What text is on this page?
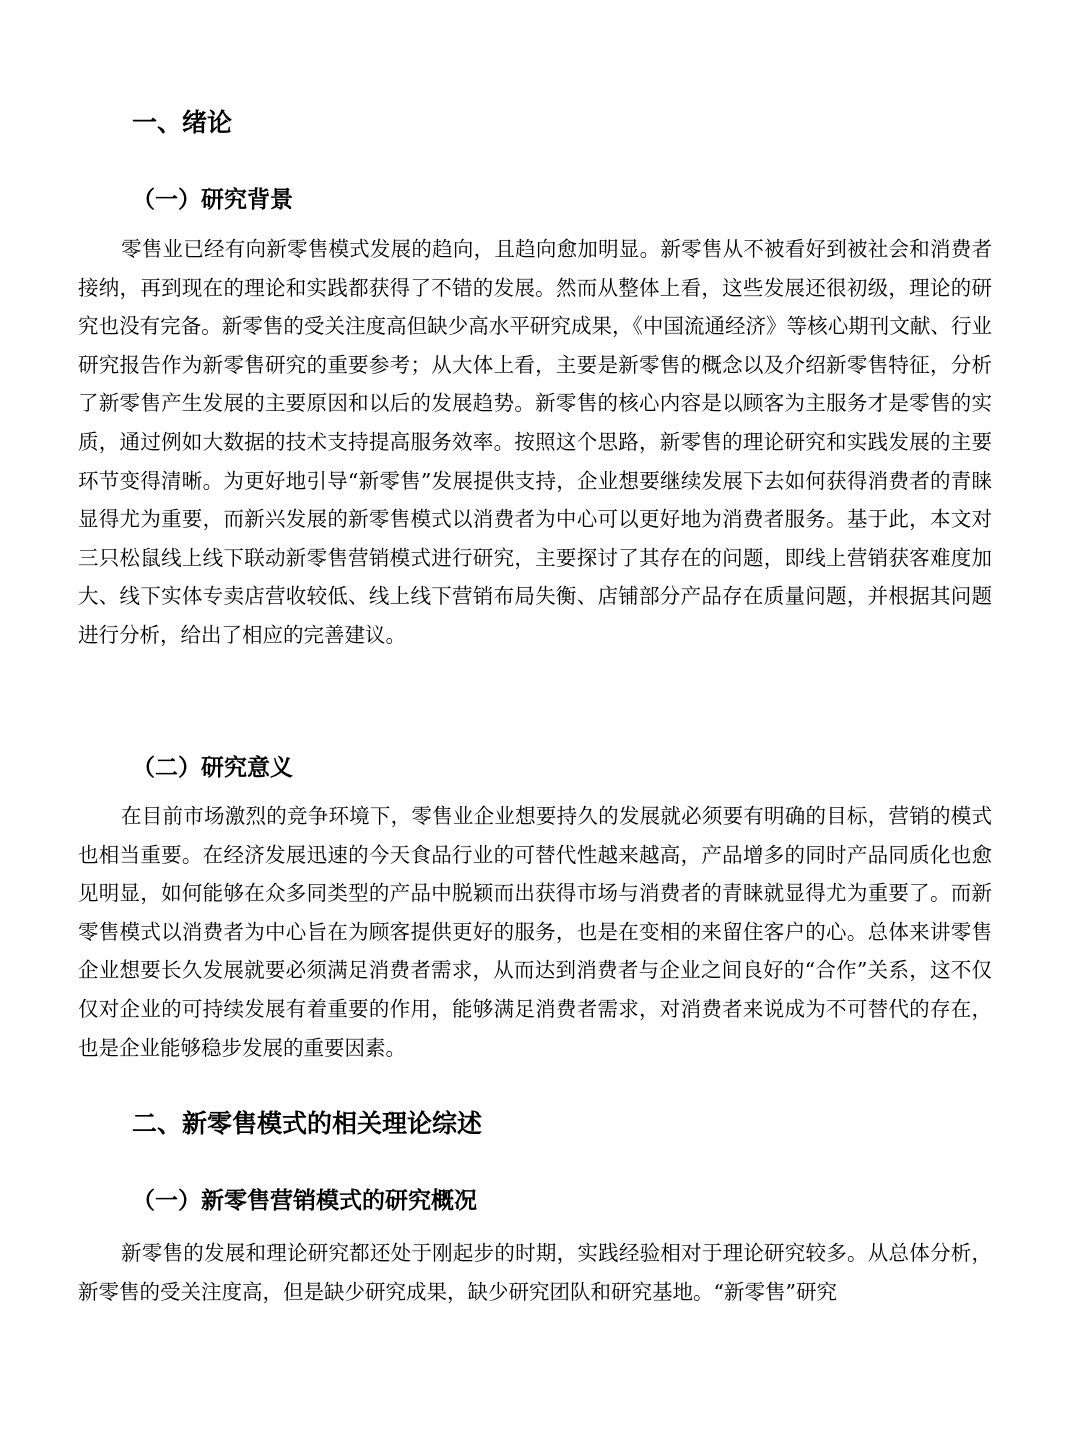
一、绪论
（一）研究背景

零售业已经有向新零售模式发展的趋向，且趋向愈加明显。新零售从不被看好到被社会和消费者接纳，再到现在的理论和实践都获得了不错的发展。然而从整体上看，这些发展还很初级，理论的研究也没有完备。新零售的受关注度高但缺少高水平研究成果，《中国流通经济》等核心期刊文献、行业研究报告作为新零售研究的重要参考；从大体上看，主要是新零售的概念以及介绍新零售特征，分析了新零售产生发展的主要原因和以后的发展趋势。新零售的核心内容是以顾客为主服务才是零售的实质，通过例如大数据的技术支持提高服务效率。按照这个思路，新零售的理论研究和实践发展的主要环节变得清晰。为更好地引导“新零售”发展提供支持，企业想要继续发展下去如何获得消费者的青睐显得尤为重要，而新兴发展的新零售模式以消费者为中心可以更好地为消费者服务。基于此，本文对三只松鼠线上线下联动新零售营销模式进行研究，主要探讨了其存在的问题，即线上营销获客难度加大、线下实体专卖店营收较低、线上线下营销布局失衡、店铺部分产品存在质量问题，并根据其问题进行分析，给出了相应的完善建议。

（二）研究意义

在目前市场激烈的竞争环境下，零售业企业想要持久的发展就必须要有明确的目标，营销的模式也相当重要。在经济发展迅速的今天食品行业的可替代性越来越高，产品增多的同时产品同质化也愈见明显，如何能够在众多同类型的产品中脱颖而出获得市场与消费者的青睐就显得尤为重要了。而新零售模式以消费者为中心旨在为顾客提供更好的服务，也是在变相的来留住客户的心。总体来讲零售企业想要长久发展就要必须满足消费者需求，从而达到消费者与企业之间良好的“合作”关系，这不仅仅对企业的可持续发展有着重要的作用，能够满足消费者需求，对消费者来说成为不可替代的存在，也是企业能够稳步发展的重要因素。

二、新零售模式的相关理论综述
（一）新零售营销模式的研究概况

新零售的发展和理论研究都还处于刚起步的时期，实践经验相对于理论研究较多。从总体分析，新零售的受关注度高，但是缺少研究成果，缺少研究团队和研究基地。“新零售”研究
